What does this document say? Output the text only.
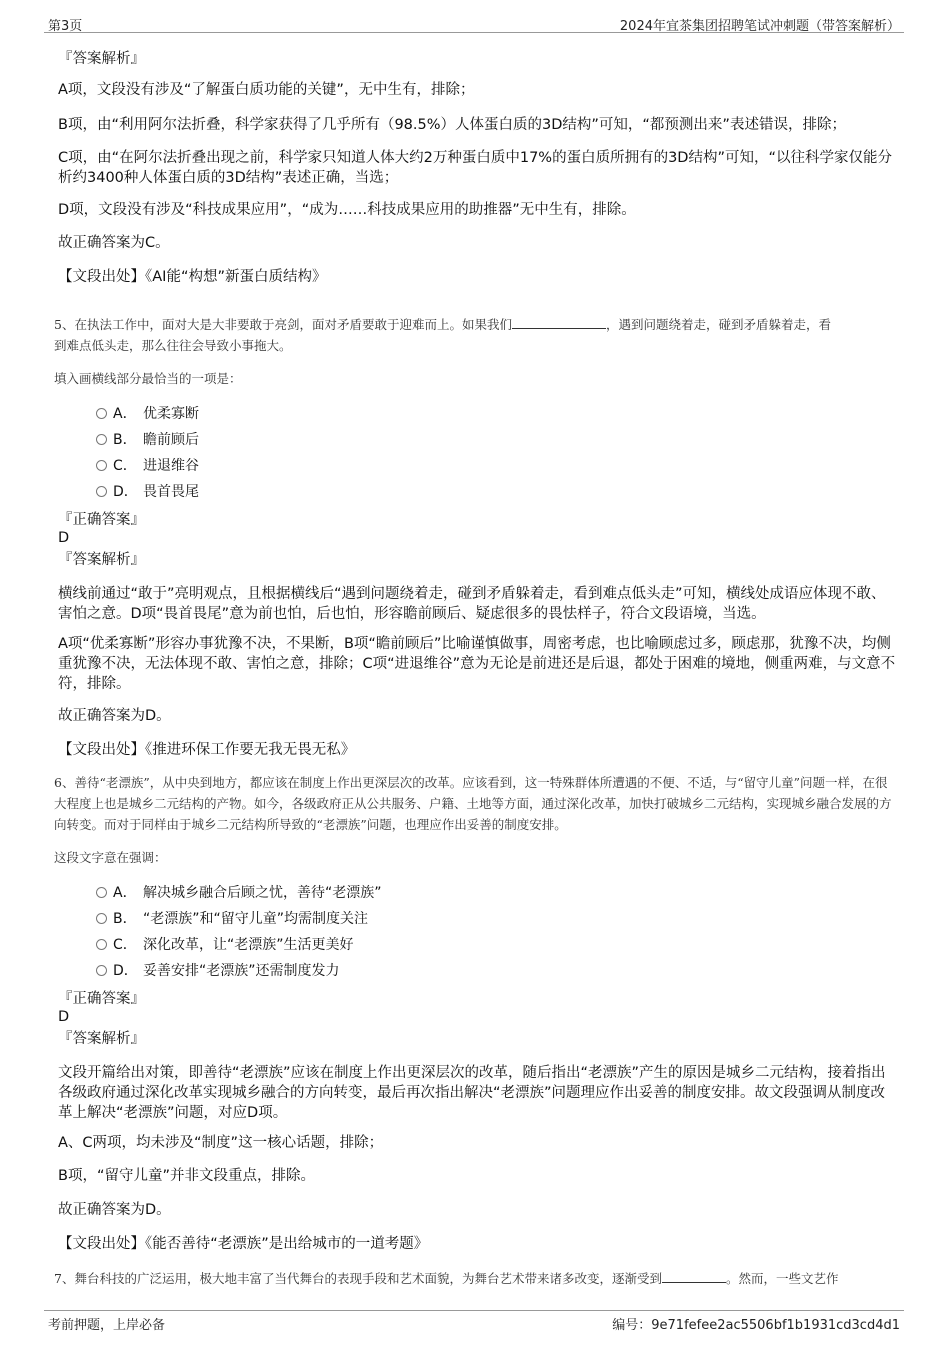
第3页	2024年宜茶集团招聘笔试冲刺题（带答案解析）
『答案解析』
A项，文段没有涉及“了解蛋白质功能的关键”，无中生有，排除；
B项，由“利用阿尔法折叠，科学家获得了几乎所有（98.5%）人体蛋白质的3D结构”可知，“都预测出来”表述错误，排除；
C项，由“在阿尔法折叠出现之前，科学家只知道人体大约2万种蛋白质中17%的蛋白质所拥有的3D结构”可知，“以往科学家仅能分析约3400种人体蛋白质的3D结构”表述正确，当选；
D项，文段没有涉及“科技成果应用”，“成为……科技成果应用的助推器”无中生有，排除。
故正确答案为C。
【文段出处】《AI能“构想”新蛋白质结构》
5、在执法工作中，面对大是大非要敢于亮剑，面对矛盾要敢于迎难而上。如果我们	，遇到问题绕着走，碰到矛盾躲着走，看
到难点低头走，那么往往会导致小事拖大。
填入画横线部分最恰当的一项是：
A． 优柔寡断
B． 瞻前顾后
C． 进退维谷
D． 畏首畏尾
『正确答案』
D
『答案解析』
横线前通过“敢于”亮明观点，且根据横线后“遇到问题绕着走，碰到矛盾躲着走，看到难点低头走”可知，横线处成语应体现不敢、害怕之意。D项“畏首畏尾”意为前也怕，后也怕，形容瞻前顾后、疑虑很多的畏怯样子，符合文段语境，当选。
A项“优柔寡断”形容办事犹豫不决，不果断，B项“瞻前顾后”比喻谨慎做事，周密考虑，也比喻顾虑过多，顾虑那，犹豫不决，均侧重犹豫不决，无法体现不敢、害怕之意，排除；C项“进退维谷”意为无论是前进还是后退，都处于困难的境地，侧重两难，与文意不符，排除。
故正确答案为D。
【文段出处】《推进环保工作要无我无畏无私》
6、善待“老漂族”，从中央到地方，都应该在制度上作出更深层次的改革。应该看到，这一特殊群体所遭遇的不便、不适，与“留守儿童”问题一样，在很大程度上也是城乡二元结构的产物。如今，各级政府正从公共服务、户籍、土地等方面，通过深化改革，加快打破城乡二元结构，实现城乡融合发展的方向转变。而对于同样由于城乡二元结构所导致的“老漂族”问题，也理应作出妥善的制度安排。
这段文字意在强调：
A． 解决城乡融合后顾之忧，善待“老漂族”
B． “老漂族”和“留守儿童”均需制度关注
C． 深化改革，让“老漂族”生活更美好
D． 妥善安排“老漂族”还需制度发力
『正确答案』
D
『答案解析』
文段开篇给出对策，即善待“老漂族”应该在制度上作出更深层次的改革，随后指出“老漂族”产生的原因是城乡二元结构，接着指出各级政府通过深化改革实现城乡融合的方向转变，最后再次指出解决“老漂族”问题理应作出妥善的制度安排。故文段强调从制度改革上解决“老漂族”问题，对应D项。
A、C两项，均未涉及“制度”这一核心话题，排除；
B项，“留守儿童”并非文段重点，排除。
故正确答案为D。
【文段出处】《能否善待“老漂族”是出给城市的一道考题》
7、舞台科技的广泛运用，极大地丰富了当代舞台的表现手段和艺术面貌，为舞台艺术带来诸多改变，逐渐受到	。然而，一些文艺作
考前押题，上岸必备	编号：9e71fefee2ac5506bf1b1931cd3cd4d1
